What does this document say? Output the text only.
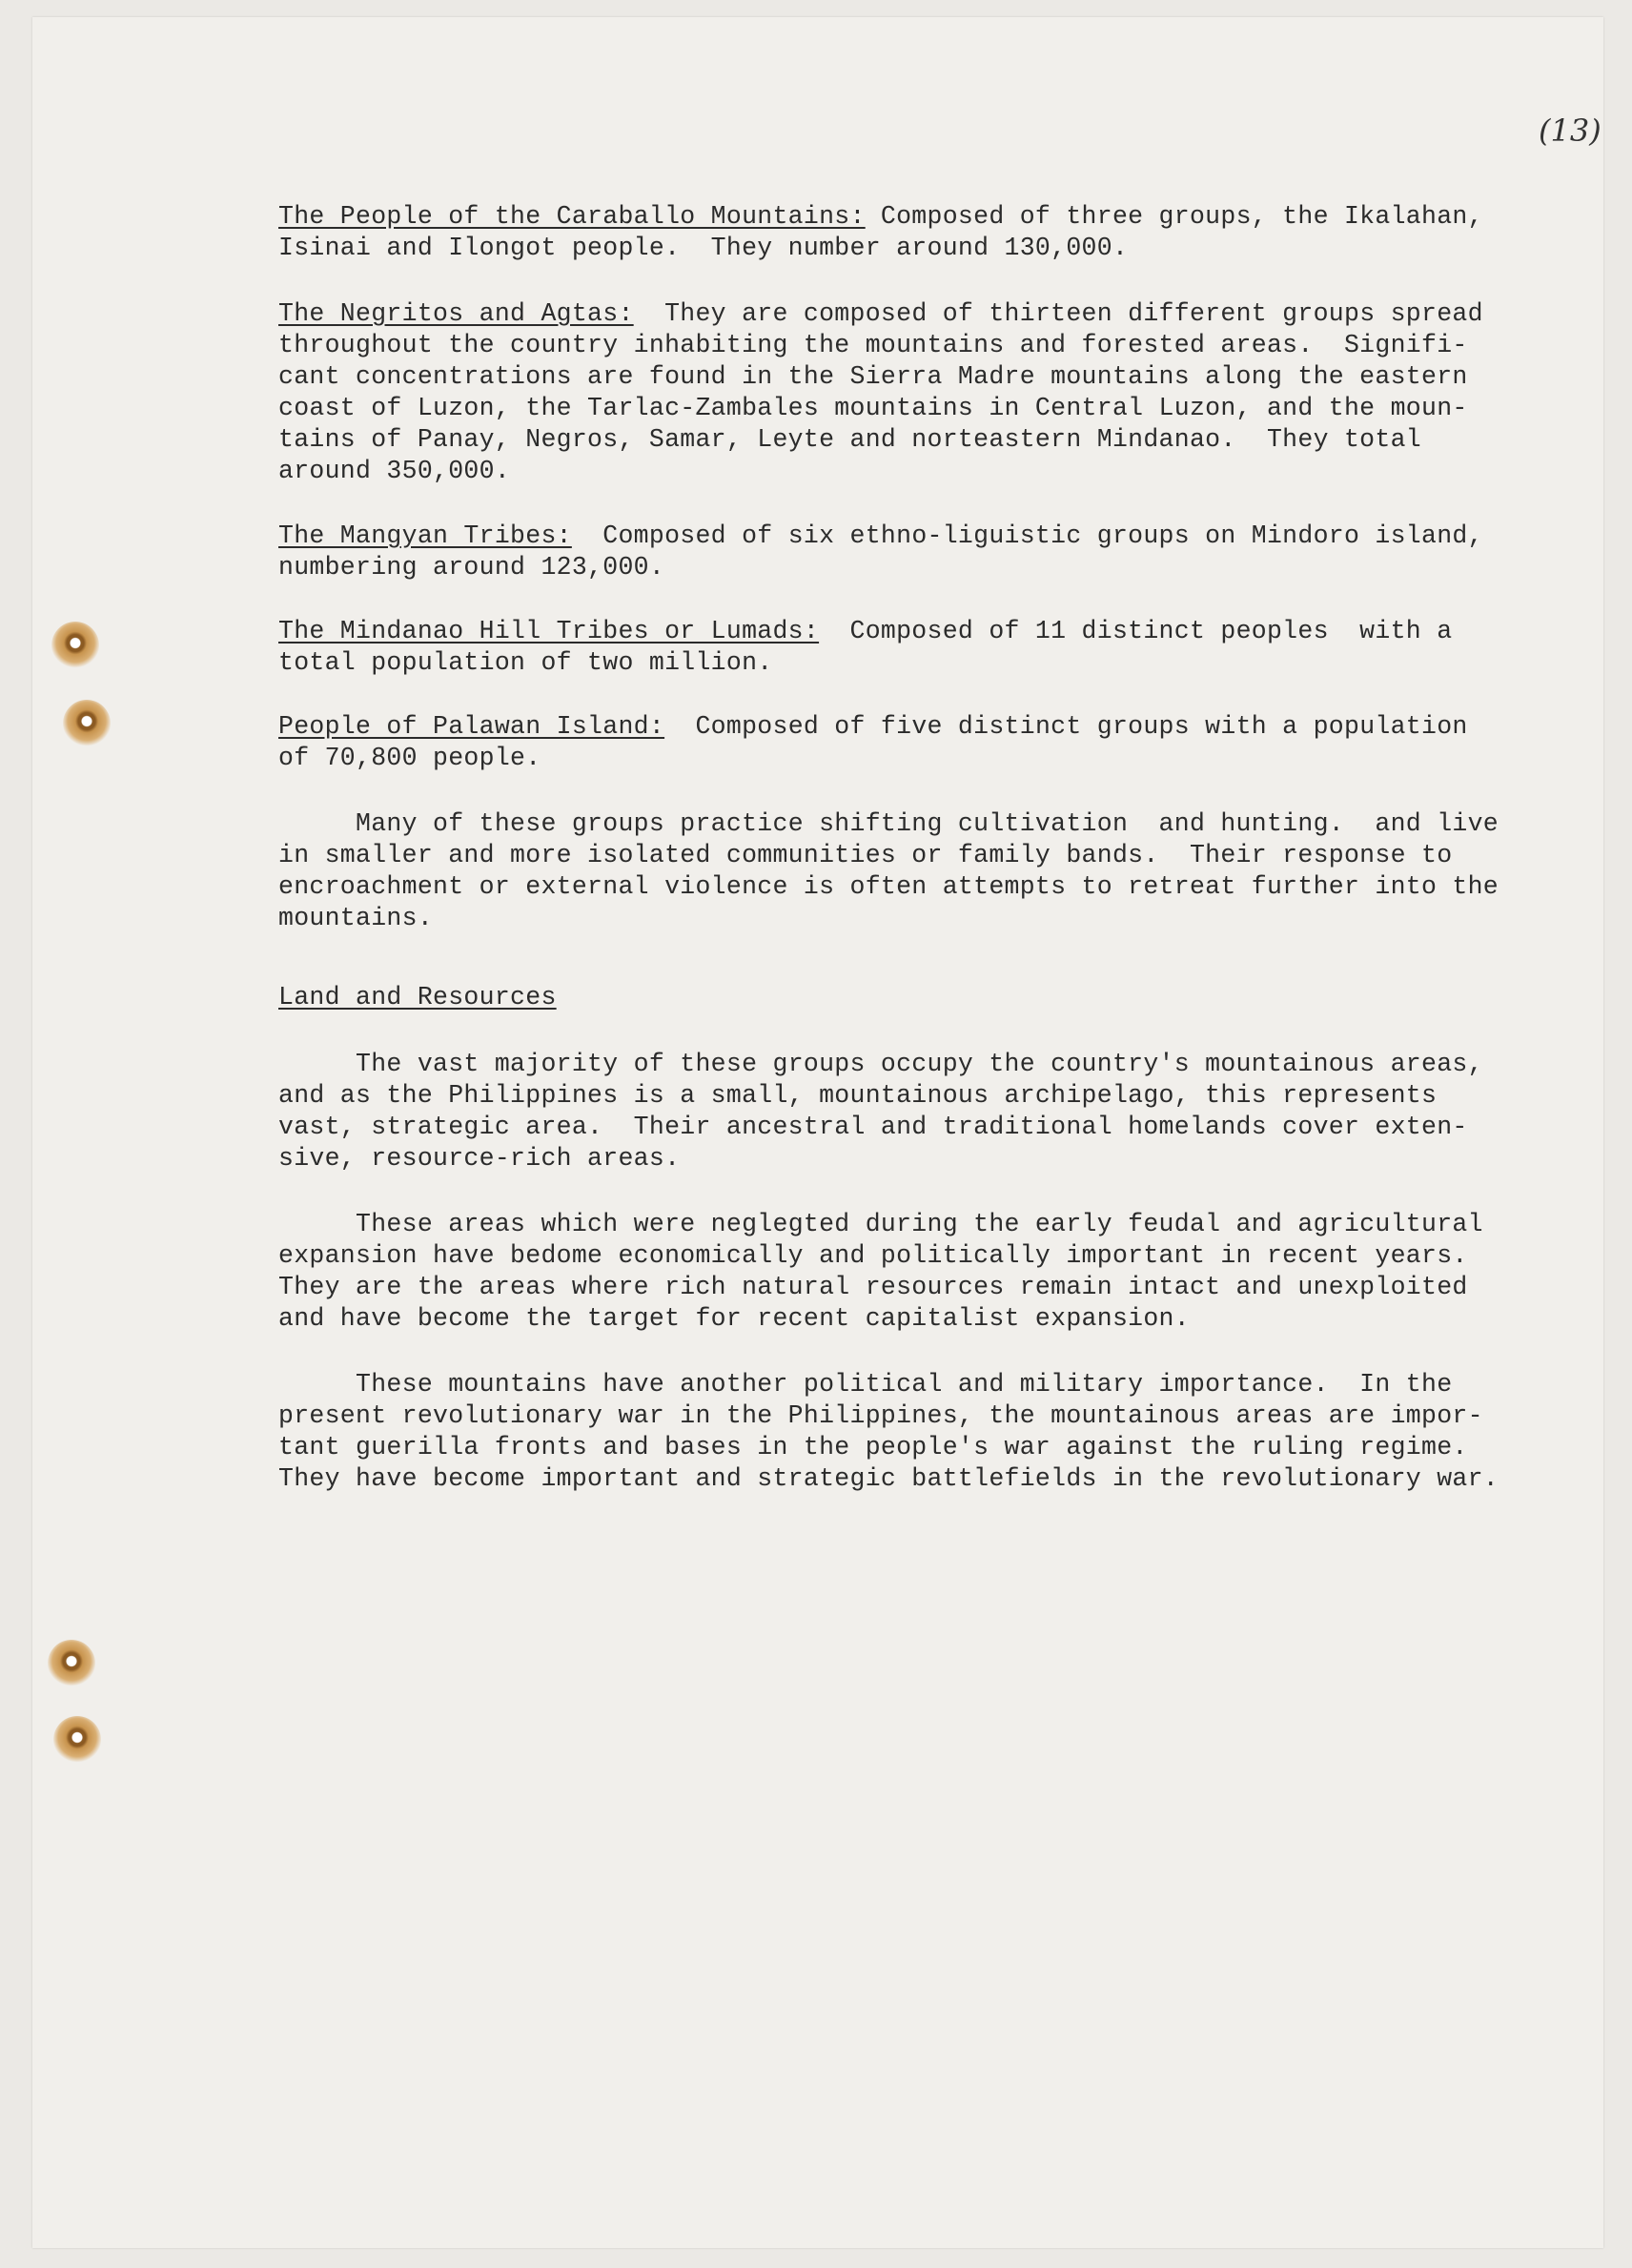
(13)
The People of the Caraballo Mountains: Composed of three groups, the Ikalahan,
Isinai and Ilongot people.  They number around 130,000.
The Negritos and Agtas:  They are composed of thirteen different groups spread
throughout the country inhabiting the mountains and forested areas.  Signifi-
cant concentrations are found in the Sierra Madre mountains along the eastern
coast of Luzon, the Tarlac-Zambales mountains in Central Luzon, and the moun-
tains of Panay, Negros, Samar, Leyte and norteastern Mindanao.  They total
around 350,000.
The Mangyan Tribes:  Composed of six ethno-liguistic groups on Mindoro island,
numbering around 123,000.
The Mindanao Hill Tribes or Lumads:  Composed of 11 distinct peoples  with a
total population of two million.
People of Palawan Island:  Composed of five distinct groups with a population
of 70,800 people.
Many of these groups practice shifting cultivation  and hunting.  and live
in smaller and more isolated communities or family bands.  Their response to
encroachment or external violence is often attempts to retreat further into the
mountains.
Land and Resources
The vast majority of these groups occupy the country's mountainous areas,
and as the Philippines is a small, mountainous archipelago, this represents
vast, strategic area.  Their ancestral and traditional homelands cover exten-
sive, resource-rich areas.
These areas which were neglegted during the early feudal and agricultural
expansion have bedome economically and politically important in recent years.
They are the areas where rich natural resources remain intact and unexploited
and have become the target for recent capitalist expansion.
These mountains have another political and military importance.  In the
present revolutionary war in the Philippines, the mountainous areas are impor-
tant guerilla fronts and bases in the people's war against the ruling regime.
They have become important and strategic battlefields in the revolutionary war.
